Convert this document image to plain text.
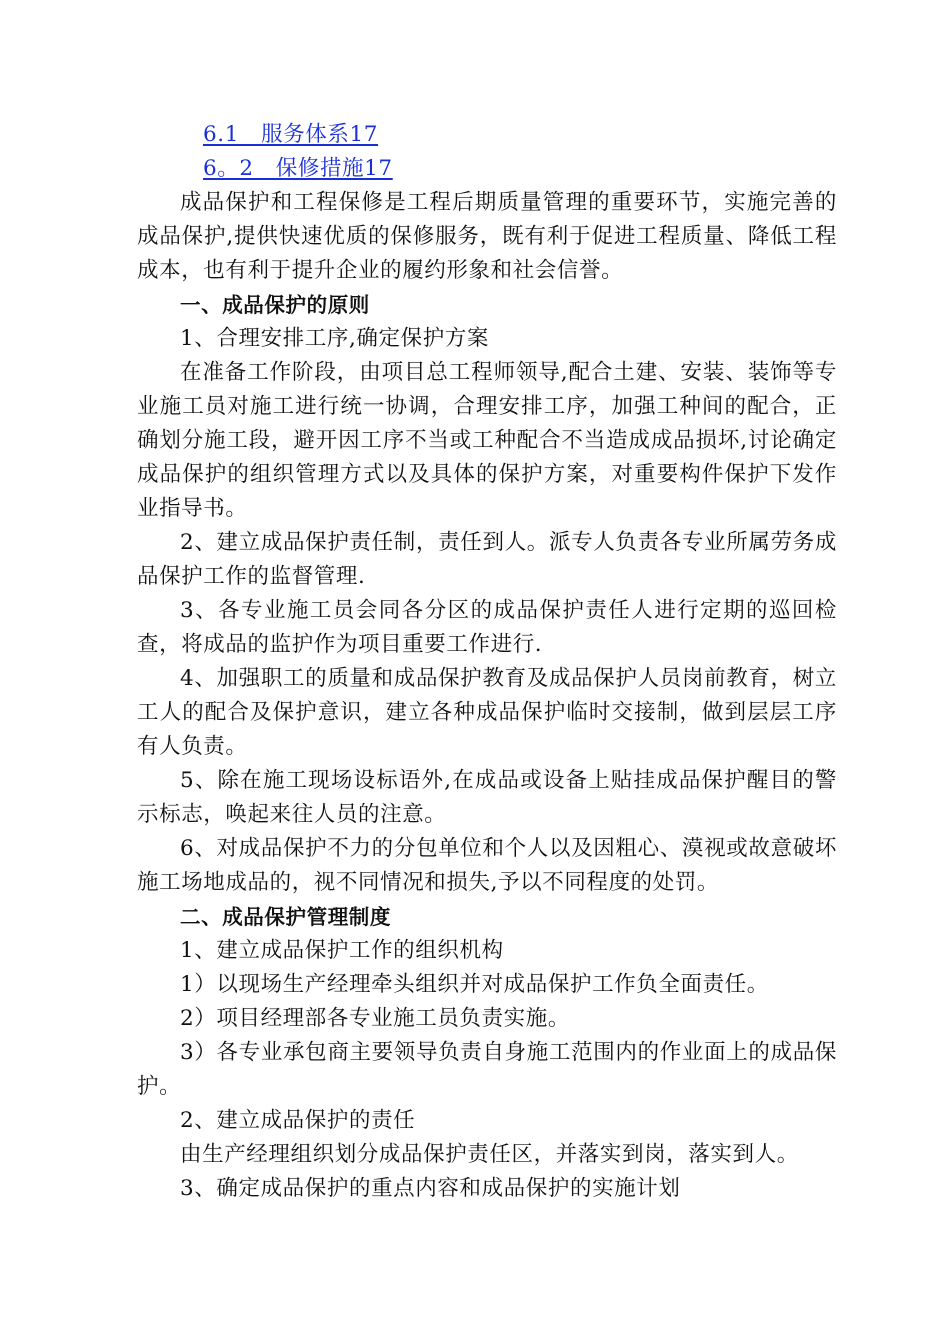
6.1　服务体系17
6。2　保修措施17
成品保护和工程保修是工程后期质量管理的重要环节，实施完善的成品保护,提供快速优质的保修服务，既有利于促进工程质量、降低工程成本，也有利于提升企业的履约形象和社会信誉。
一、成品保护的原则
1、合理安排工序,确定保护方案
在准备工作阶段，由项目总工程师领导,配合土建、安装、装饰等专业施工员对施工进行统一协调，合理安排工序，加强工种间的配合，正确划分施工段，避开因工序不当或工种配合不当造成成品损坏,讨论确定成品保护的组织管理方式以及具体的保护方案，对重要构件保护下发作业指导书。
2、建立成品保护责任制，责任到人。派专人负责各专业所属劳务成品保护工作的监督管理.
3、各专业施工员会同各分区的成品保护责任人进行定期的巡回检查，将成品的监护作为项目重要工作进行.
4、加强职工的质量和成品保护教育及成品保护人员岗前教育，树立工人的配合及保护意识，建立各种成品保护临时交接制，做到层层工序有人负责。
5、除在施工现场设标语外,在成品或设备上贴挂成品保护醒目的警示标志，唤起来往人员的注意。
6、对成品保护不力的分包单位和个人以及因粗心、漠视或故意破坏施工场地成品的，视不同情况和损失,予以不同程度的处罚。
二、成品保护管理制度
1、建立成品保护工作的组织机构
1）以现场生产经理牵头组织并对成品保护工作负全面责任。
2）项目经理部各专业施工员负责实施。
3）各专业承包商主要领导负责自身施工范围内的作业面上的成品保护。
2、建立成品保护的责任
由生产经理组织划分成品保护责任区，并落实到岗，落实到人。
3、确定成品保护的重点内容和成品保护的实施计划
